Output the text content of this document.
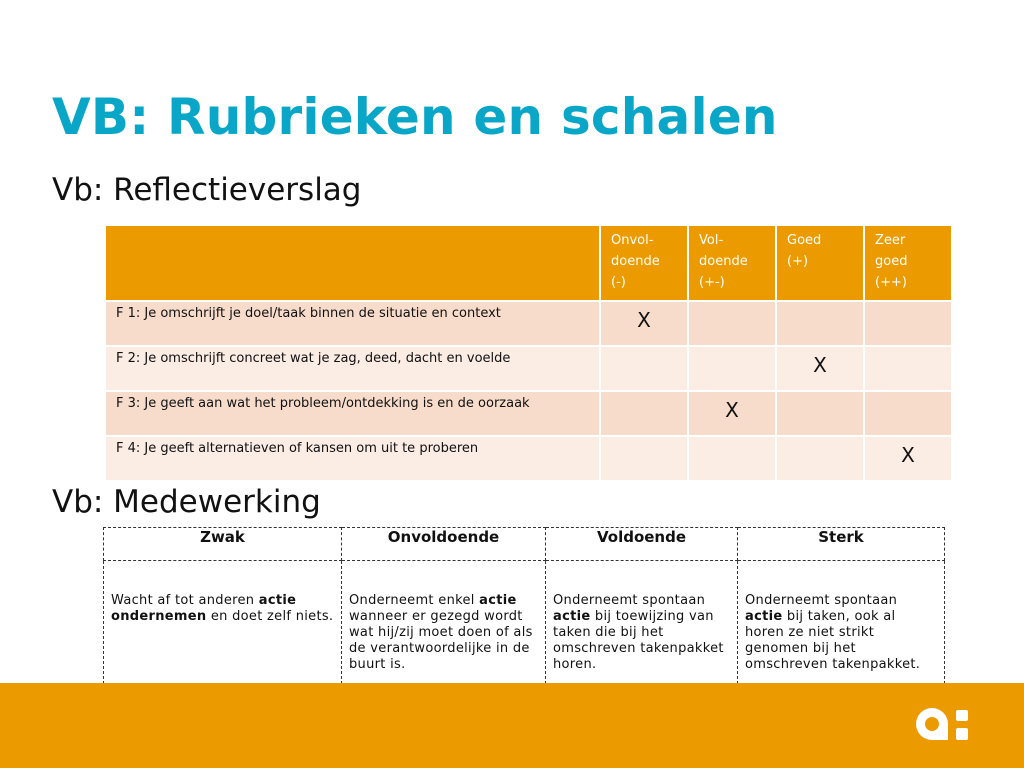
VB: Rubrieken en schalen
Vb: Reflectieverslag
	Onvol-
doende
(-)	Vol-
doende
(+-)	Goed
(+)	Zeer
goed
(++)
F 1: Je omschrijft je doel/taak binnen de situatie en context	X			
F 2: Je omschrijft concreet wat je zag, deed, dacht en voelde			X	
F 3: Je geeft aan wat het probleem/ontdekking is en de oorzaak		X		
F 4: Je geeft alternatieven of kansen om uit te proberen				X
Vb: Medewerking
Zwak	Onvoldoende	Voldoende	Sterk
Wacht af tot anderen actie ondernemen en doet zelf niets.	Onderneemt enkel actie wanneer er gezegd wordt wat hij/zij moet doen of als de verantwoordelijke in de buurt is.	Onderneemt spontaan actie bij toewijzing van taken die bij het omschreven takenpakket horen.	Onderneemt spontaan actie bij taken, ook al horen ze niet strikt genomen bij het omschreven takenpakket.
